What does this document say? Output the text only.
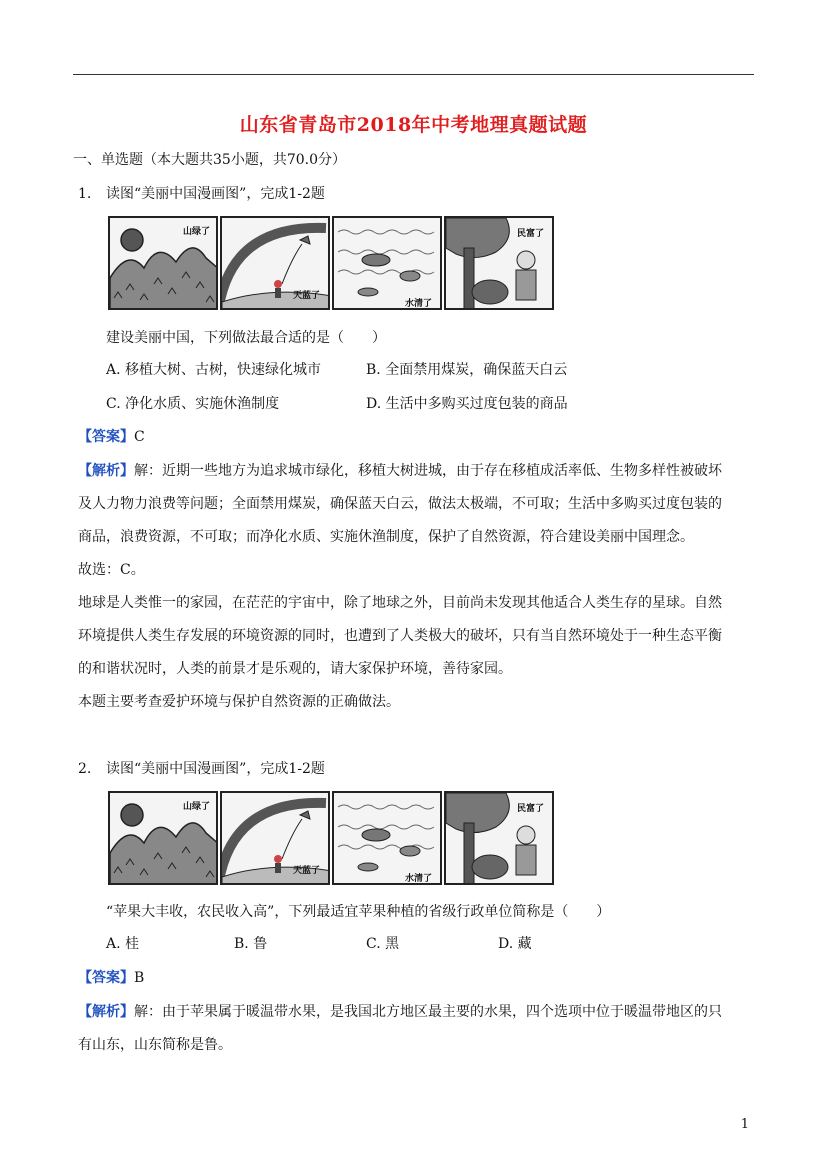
山东省青岛市2018年中考地理真题试题
一、单选题（本大题共35小题，共70.0分）
1. 读图“美丽中国漫画图”，完成1-2题
山绿了
天蓝了
水清了
民富了
建设美丽中国，下列做法最合适的是（　　）
A. 移植大树、古树，快速绿化城市	B. 全面禁用煤炭，确保蓝天白云
C. 净化水质、实施休渔制度	D. 生活中多购买过度包装的商品
【答案】C
【解析】解：近期一些地方为追求城市绿化，移植大树进城，由于存在移植成活率低、生物多样性被破坏
及人力物力浪费等问题；全面禁用煤炭，确保蓝天白云，做法太极端，不可取；生活中多购买过度包装的
商品，浪费资源，不可取；而净化水质、实施休渔制度，保护了自然资源，符合建设美丽中国理念。
故选：C。
地球是人类惟一的家园，在茫茫的宇宙中，除了地球之外，目前尚未发现其他适合人类生存的星球。自然
环境提供人类生存发展的环境资源的同时，也遭到了人类极大的破坏，只有当自然环境处于一种生态平衡
的和谐状况时，人类的前景才是乐观的，请大家保护环境，善待家园。
本题主要考查爱护环境与保护自然资源的正确做法。
2. 读图“美丽中国漫画图”，完成1-2题
山绿了
天蓝了
水清了
民富了
“苹果大丰收，农民收入高”，下列最适宜苹果种植的省级行政单位简称是（　　）
A. 桂	B. 鲁	C. 黑	D. 藏
【答案】B
【解析】解：由于苹果属于暖温带水果，是我国北方地区最主要的水果，四个选项中位于暖温带地区的只
有山东，山东简称是鲁。
1
